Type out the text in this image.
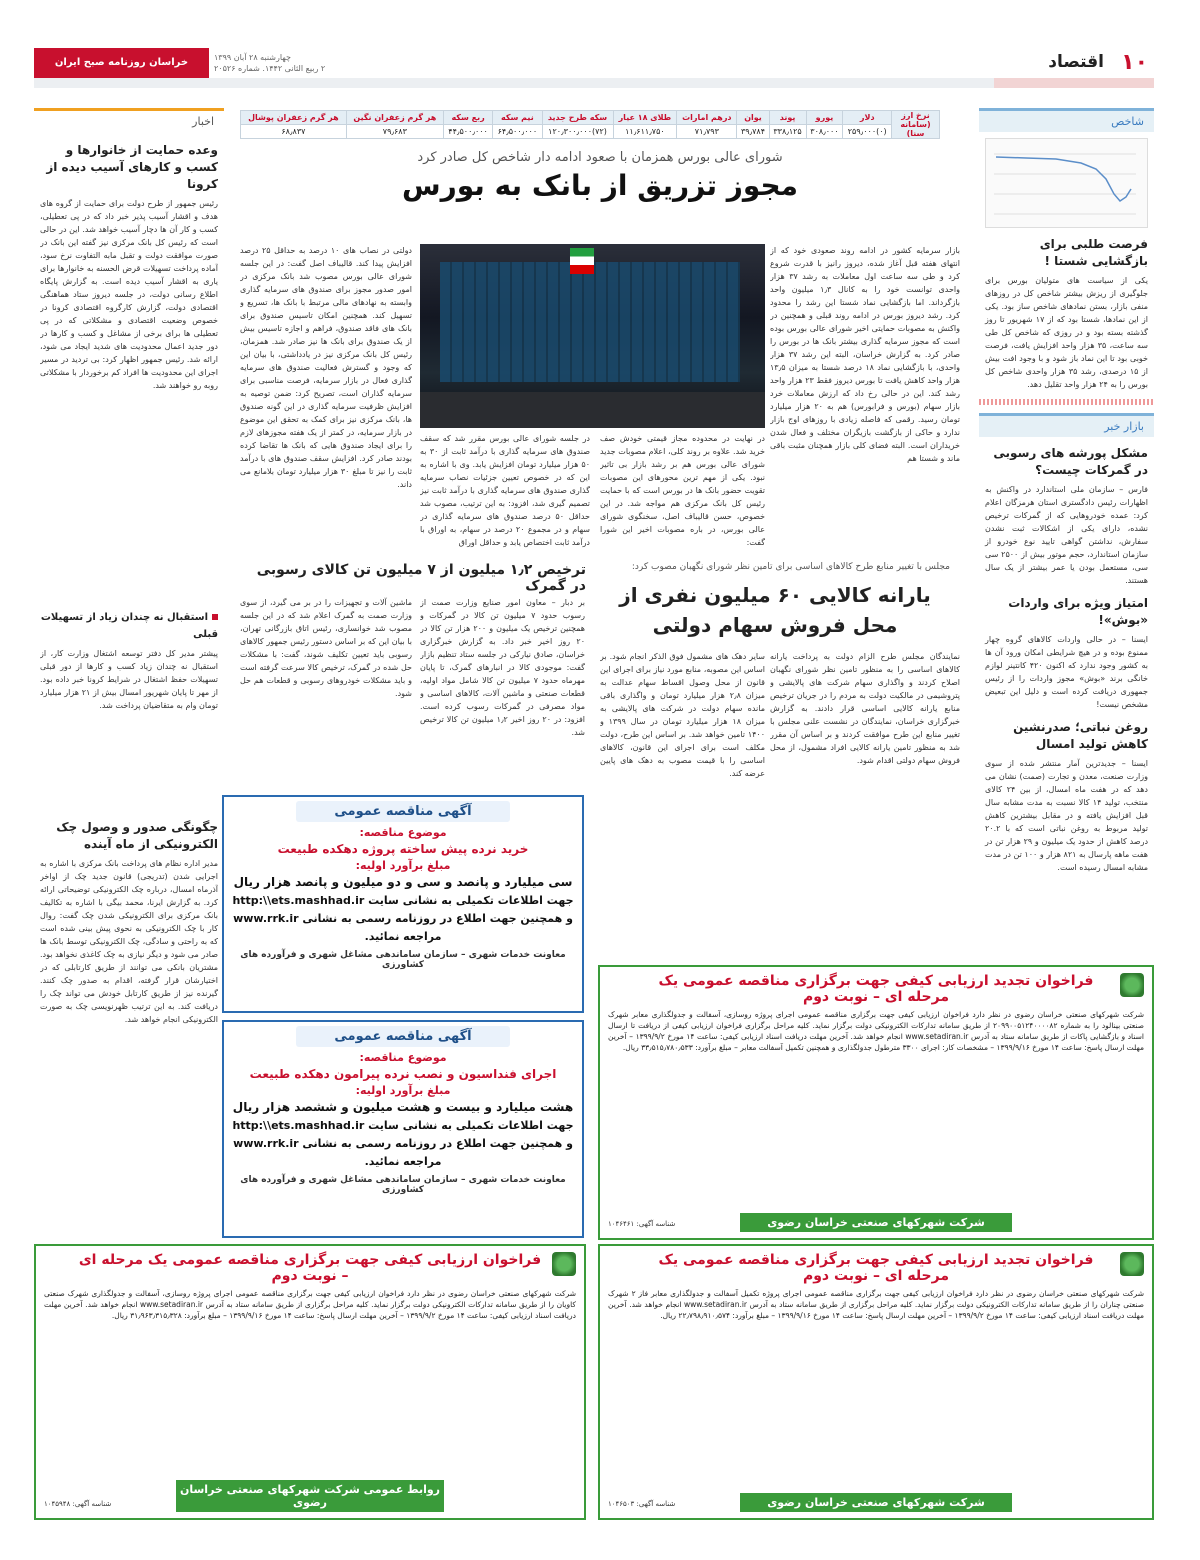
۱۰
اقتصاد
چهارشنبه ۲۸ آبان ۱۳۹۹
۲ ربیع الثانی ۱۴۴۲. شماره ۲۰۵۲۶
خراسان روزنامه صبح ایران
نرخ ارز (سامانه سنا)	دلار	یورو	پوند	یوان	درهم امارات	طلای ۱۸ عیار	سکه طرح جدید	نیم سکه	ربع سکه	هر گرم زعفران نگین	هر گرم زعفران پوشال
	(۰)۲۵۹٫۰۰۰	۳۰۸٫۰۰۰	۳۳۸٫۱۲۵	۳۹٫۷۸۴	۷۱٫۷۹۳	۱۱٫۶۱۱٫۷۵۰	(۷۲)۱۲۰٫۳۰۰٫۰۰۰	۶۴٫۵۰۰٫۰۰۰	۴۴٫۵۰۰٫۰۰۰	۷۹٫۶۸۳	۶۸٫۸۳۷
شاخص
فرصت طلبی برای بازگشایی شستا !
یکی از سیاست های متولیان بورس برای جلوگیری از ریزش بیشتر شاخص کل در روزهای منفی بازار، بستن نمادهای شاخص ساز بود. یکی از این نمادها، شستا بود که از ۱۷ شهریور تا روز گذشته بسته بود و در روزی که شاخص کل طی سه ساعت، ۳۵ هزار واحد افزایش یافت، فرصت خوبی بود تا این نماد باز شود و با وجود افت بیش از ۱۵ درصدی، رشد ۳۵ هزار واحدی شاخص کل بورس را به ۲۴ هزار واحد تقلیل دهد.
بازار خبر
مشکل پورشه های رسوبی در گمرکات چیست؟
فارس – سازمان ملی استاندارد در واکنش به اظهارات رئیس دادگستری استان هرمزگان اعلام کرد: عمده خودروهایی که از گمرکات ترخیص نشده، دارای یکی از اشکالات ثبت نشدن سفارش، نداشتن گواهی تایید نوع خودرو از سازمان استاندارد، حجم موتور بیش از ۲۵۰۰ سی سی، مستعمل بودن یا عمر بیشتر از یک سال هستند.
امتیاز ویژه برای واردات «بوش»!
ایسنا – در حالی واردات کالاهای گروه چهار ممنوع بوده و در هیچ شرایطی امکان ورود آن ها به کشور وجود ندارد که اکنون ۴۲۰ کانتینر لوازم خانگی برند «بوش» مجوز واردات را از رئیس جمهوری دریافت کرده است و دلیل این تبعیض مشخص نیست!
روغن نباتی؛ صدرنشین کاهش تولید امسال
ایسنا – جدیدترین آمار منتشر شده از سوی وزارت صنعت، معدن و تجارت (صمت) نشان می دهد که در هفت ماه امسال، از بین ۲۴ کالای منتخب، تولید ۱۴ کالا نسبت به مدت مشابه سال قبل افزایش یافته و در مقابل بیشترین کاهش تولید مربوط به روغن نباتی است که با ۲۰.۲ درصد کاهش از حدود یک میلیون و ۲۹ هزار تن در هفت ماهه پارسال به ۸۲۱ هزار و ۱۰۰ تن در مدت مشابه امسال رسیده است.
شورای عالی بورس همزمان با صعود ادامه دار شاخص کل صادر کرد
مجوز تزریق از بانک به بورس
بازار سرمایه کشور در ادامه روند صعودی خود که از انتهای هفته قبل آغاز شده، دیروز رانیز با قدرت شروع کرد و طی سه ساعت اول معاملات به رشد ۳۷ هزار واحدی توانست خود را به کانال ۱٫۳ میلیون واحد بازگرداند. اما بازگشایی نماد شستا این رشد را محدود کرد. رشد دیروز بورس در ادامه روند قبلی و همچنین در واکنش به مصوبات حمایتی اخیر شورای عالی بورس بوده است که مجوز سرمایه گذاری بیشتر بانک ها در بورس را صادر کرد. به گزارش خراسان، البته این رشد ۳۷ هزار واحدی، با بازگشایی نماد ۱۸ درصد شستا به میزان ۱۳٫۵ هزار واحد کاهش یافت تا بورس دیروز فقط ۲۳ هزار واحد رشد کند. این در حالی رخ داد که ارزش معاملات خرد بازار سهام (بورس و فرابورس) هم به ۲۰ هزار میلیارد تومان رسید. رقمی که فاصله زیادی با روزهای اوج بازار ندارد و حاکی از بازگشت بازیگران مختلف و فعال شدن خریداران است. البته فضای کلی بازار همچنان مثبت باقی ماند و شستا هم
دولتی در نصاب های ۱۰ درصد به حداقل ۲۵ درصد افزایش پیدا کند. قالیباف اصل گفت: در این جلسه شورای عالی بورس مصوب شد بانک مرکزی در امور صدور مجوز برای صندوق های سرمایه گذاری وابسته به نهادهای مالی مرتبط با بانک ها، تسریع و تسهیل کند. همچنین امکان تاسیس صندوق برای بانک های فاقد صندوق، فراهم و اجازه تاسیس بیش از یک صندوق برای بانک ها نیز صادر شد. همزمان، رئیس کل بانک مرکزی نیز در یادداشتی، با بیان این که وجود و گسترش فعالیت صندوق های سرمایه گذاری فعال در بازار سرمایه، فرصت مناسبی برای سرمایه گذاران است، تصریح کرد: ضمن توصیه به افزایش ظرفیت سرمایه گذاری در این گونه صندوق ها، بانک مرکزی نیز برای کمک به تحقق این موضوع در بازار سرمایه، در کمتر از یک هفته مجوزهای لازم را برای ایجاد صندوق هایی که بانک ها تقاضا کرده بودند صادر کرد. افزایش سقف صندوق های با درآمد ثابت را نیز تا مبلغ ۳۰ هزار میلیارد تومان بلامانع می داند.
در نهایت در محدوده مجاز قیمتی خودش صف خرید شد. علاوه بر روند کلی، اعلام مصوبات جدید شورای عالی بورس هم بر رشد بازار بی تاثیر نبود. یکی از مهم ترین محورهای این مصوبات تقویت حضور بانک ها در بورس است که با حمایت رئیس کل بانک مرکزی هم مواجه شد. در این خصوص، حسن قالیباف اصل، سخنگوی شورای عالی بورس، در باره مصوبات اخیر این شورا گفت:
در جلسه شورای عالی بورس مقرر شد که سقف صندوق های سرمایه گذاری با درآمد ثابت از ۳۰ به ۵۰ هزار میلیارد تومان افزایش یابد. وی با اشاره به این که در خصوص تعیین جزئیات نصاب سرمایه گذاری صندوق های سرمایه گذاری با درآمد ثابت نیز تصمیم گیری شد، افزود: به این ترتیب، مصوب شد حداقل ۵۰ درصد صندوق های سرمایه گذاری در سهام و در مجموع ۲۰ درصد در سهام، به اوراق با درآمد ثابت اختصاص یابد و حداقل اوراق
مجلس با تغییر منابع طرح کالاهای اساسی برای تامین نظر شورای نگهبان مصوب کرد:
یارانه کالایی ۶۰ میلیون نفری از محل فروش سهام دولتی
ترخیص ۱٫۲ میلیون از ۷ میلیون تن کالای رسوبی در گمرک
نمایندگان مجلس طرح الزام دولت به پرداخت یارانه کالاهای اساسی را به منظور تامین نظر شورای نگهبان اصلاح کردند و واگذاری سهام شرکت های پالایشی و پتروشیمی در مالکیت دولت به مردم را در جریان ترخیص منابع یارانه کالایی اساسی قرار دادند. به گزارش خبرگزاری خراسان، نمایندگان در نشست علنی مجلس با تغییر منابع این طرح موافقت کردند و بر اساس آن مقرر شد به منظور تامین یارانه کالایی افراد مشمول، از محل فروش سهام دولتی اقدام شود.
سایر دهک های مشمول فوق الذکر انجام شود. بر اساس این مصوبه، منابع مورد نیاز برای اجرای این قانون از محل وصول اقساط سهام عدالت به میزان ۲٫۸ هزار میلیارد تومان و واگذاری باقی مانده سهام دولت در شرکت های پالایشی به میزان ۱۸ هزار میلیارد تومان در سال ۱۳۹۹ و ۱۴۰۰ تامین خواهد شد. بر اساس این طرح، دولت مکلف است برای اجرای این قانون، کالاهای اساسی را با قیمت مصوب به دهک های پایین عرضه کند.
بر دبار – معاون امور صنایع وزارت صمت از رسوب حدود ۷ میلیون تن کالا در گمرکات و همچنین ترخیص یک میلیون و ۲۰۰ هزار تن کالا در ۲۰ روز اخیر خبر داد. به گزارش خبرگزاری خراسان، صادق نیارکی در جلسه ستاد تنظیم بازار گفت: موجودی کالا در انبارهای گمرک، تا پایان مهرماه حدود ۷ میلیون تن کالا شامل مواد اولیه، قطعات صنعتی و ماشین آلات، کالاهای اساسی و مواد مصرفی در گمرکات رسوب کرده است. افزود: در ۲۰ روز اخیر ۱٫۲ میلیون تن کالا ترخیص شد.
ماشین آلات و تجهیزات را در بر می گیرد، از سوی وزارت صمت به گمرک اعلام شد که در این جلسه مصوب شد خوانساری، رئیس اتاق بازرگانی تهران، با بیان این که بر اساس دستور رئیس جمهور کالاهای رسوبی باید تعیین تکلیف شوند، گفت: با مشکلات حل شده در گمرک، ترخیص کالا سرعت گرفته است و باید مشکلات خودروهای رسوبی و قطعات هم حل شود.
آگهی مناقصه عمومی
موضوع مناقصه:
خرید نرده پیش ساخته پروژه دهکده طبیعت
مبلغ برآورد اولیه:
سی میلیارد و پانصد و سی و دو میلیون و پانصد هزار ریال
جهت اطلاعات تکمیلی به نشانی سایت http:\\ets.mashhad.ir و همچنین جهت اطلاع در روزنامه رسمی به نشانی www.rrk.ir مراجعه نمائید.
معاونت خدمات شهری – سازمان ساماندهی مشاغل شهری و فرآورده های کشاورزی
آگهی مناقصه عمومی
موضوع مناقصه:
اجرای فنداسیون و نصب نرده پیرامون دهکده طبیعت
مبلغ برآورد اولیه:
هشت میلیارد و بیست و هشت میلیون و ششصد هزار ریال
جهت اطلاعات تکمیلی به نشانی سایت http:\\ets.mashhad.ir و همچنین جهت اطلاع در روزنامه رسمی به نشانی www.rrk.ir مراجعه نمائید.
معاونت خدمات شهری – سازمان ساماندهی مشاغل شهری و فرآورده های کشاورزی
فراخوان تجدید ارزیابی کیفی جهت برگزاری مناقصه عمومی یک مرحله ای – نوبت دوم
شرکت شهرکهای صنعتی خراسان رضوی در نظر دارد فراخوان ارزیابی کیفی جهت برگزاری مناقصه عمومی اجرای پروژه روسازی، آسفالت و جدولگذاری معابر شهرک صنعتی بینالود را به شماره ۲۰۹۹۰۰۵۱۲۴۰۰۰۰۸۲ از طریق سامانه تدارکات الکترونیکی دولت برگزار نماید. کلیه مراحل برگزاری فراخوان ارزیابی کیفی از دریافت تا ارسال اسناد و بازگشایی پاکات از طریق سامانه ستاد به آدرس www.setadiran.ir انجام خواهد شد. آخرین مهلت دریافت اسناد ارزیابی کیفی: ساعت ۱۴ مورخ ۱۳۹۹/۹/۲ – آخرین مهلت ارسال پاسخ: ساعت ۱۴ مورخ ۱۳۹۹/۹/۱۶ – مشخصات کار: اجرای ۳۳۰۰ مترطول جدولگذاری و همچنین تکمیل آسفالت معابر – مبلغ برآورد: ۳۳٫۵۱۵٫۷۸۰٫۵۳۳ ریال.
شناسه آگهی: ۱۰۴۶۴۶۱	شرکت شهرکهای صنعتی خراسان رضوی
فراخوان ارزیابی کیفی جهت برگزاری مناقصه عمومی یک مرحله ای – نوبت دوم
شرکت شهرکهای صنعتی خراسان رضوی در نظر دارد فراخوان ارزیابی کیفی جهت برگزاری مناقصه عمومی اجرای پروژه روسازی، آسفالت و جدولگذاری شهرک صنعتی کاویان را از طریق سامانه تدارکات الکترونیکی دولت برگزار نماید. کلیه مراحل برگزاری از طریق سامانه ستاد به آدرس www.setadiran.ir انجام خواهد شد. آخرین مهلت دریافت اسناد ارزیابی کیفی: ساعت ۱۴ مورخ ۱۳۹۹/۹/۲ – آخرین مهلت ارسال پاسخ: ساعت ۱۴ مورخ ۱۳۹۹/۹/۱۶ – مبلغ برآورد: ۳۱٫۹۶۳٫۳۱۵٫۳۲۸ ریال.
شناسه آگهی: ۱۰۴۵۹۴۸
روابط عمومی شرکت شهرکهای صنعتی خراسان رضوی
فراخوان تجدید ارزیابی کیفی جهت برگزاری مناقصه عمومی یک مرحله ای – نوبت دوم
شرکت شهرکهای صنعتی خراسان رضوی در نظر دارد فراخوان ارزیابی کیفی جهت برگزاری مناقصه عمومی اجرای پروژه تکمیل آسفالت و جدولگذاری معابر فاز ۲ شهرک صنعتی چناران را از طریق سامانه تدارکات الکترونیکی دولت برگزار نماید. کلیه مراحل برگزاری از طریق سامانه ستاد به آدرس www.setadiran.ir انجام خواهد شد. آخرین مهلت دریافت اسناد ارزیابی کیفی: ساعت ۱۴ مورخ ۱۳۹۹/۹/۲ – آخرین مهلت ارسال پاسخ: ساعت ۱۴ مورخ ۱۳۹۹/۹/۱۶ – مبلغ برآورد: ۲۲٫۷۹۸٫۹۱۰٫۵۷۴ ریال.
شناسه آگهی: ۱۰۴۶۵۰۳	شرکت شهرکهای صنعتی خراسان رضوی
اخبار
وعده حمایت از خانوارها و کسب و کارهای آسیب دیده از کرونا
رئیس جمهور از طرح دولت برای حمایت از گروه های هدف و اقشار آسیب پذیر خبر داد که در پی تعطیلی، کسب و کار آن ها دچار آسیب خواهد شد. این در حالی است که رئیس کل بانک مرکزی نیز گفته این بانک در صورت موافقت دولت و تقبل مابه التفاوت نرخ سود، آماده پرداخت تسهیلات قرض الحسنه به خانوارها برای یاری به اقشار آسیب دیده است. به گزارش پایگاه اطلاع رسانی دولت، در جلسه دیروز ستاد هماهنگی اقتصادی دولت، گزارش کارگروه اقتصادی کرونا در خصوص وضعیت اقتصادی و مشکلاتی که در پی تعطیلی ها برای برخی از مشاغل و کسب و کارها در دور جدید اعمال محدودیت های شدید ایجاد می شود، ارائه شد. رئیس جمهور اظهار کرد: بی تردید در مسیر اجرای این محدودیت ها افراد کم برخوردار با مشکلاتی روبه رو خواهند شد.
استقبال نه چندان زیاد از تسهیلات قبلی
پیشتر مدیر کل دفتر توسعه اشتغال وزارت کار، از استقبال نه چندان زیاد کسب و کارها از دور قبلی تسهیلات حفظ اشتغال در شرایط کرونا خبر داده بود. از مهر تا پایان شهریور امسال بیش از ۲۱ هزار میلیارد تومان وام به متقاضیان پرداخت شد.
چگونگی صدور و وصول چک الکترونیکی از ماه آینده
مدیر اداره نظام های پرداخت بانک مرکزی با اشاره به اجرایی شدن (تدریجی) قانون جدید چک از اواخر آذرماه امسال، درباره چک الکترونیکی توضیحاتی ارائه کرد. به گزارش ایرنا، محمد بیگی با اشاره به تکالیف بانک مرکزی برای الکترونیکی شدن چک گفت: روال کار با چک الکترونیکی به نحوی پیش بینی شده است که به راحتی و سادگی، چک الکترونیکی توسط بانک ها صادر می شود و دیگر نیازی به چک کاغذی نخواهد بود. مشتریان بانکی می توانند از طریق کارتابلی که در اختیارشان قرار گرفته، اقدام به صدور چک کنند. گیرنده نیز از طریق کارتابل خودش می تواند چک را دریافت کند. به این ترتیب ظهرنویسی چک به صورت الکترونیکی انجام خواهد شد.
